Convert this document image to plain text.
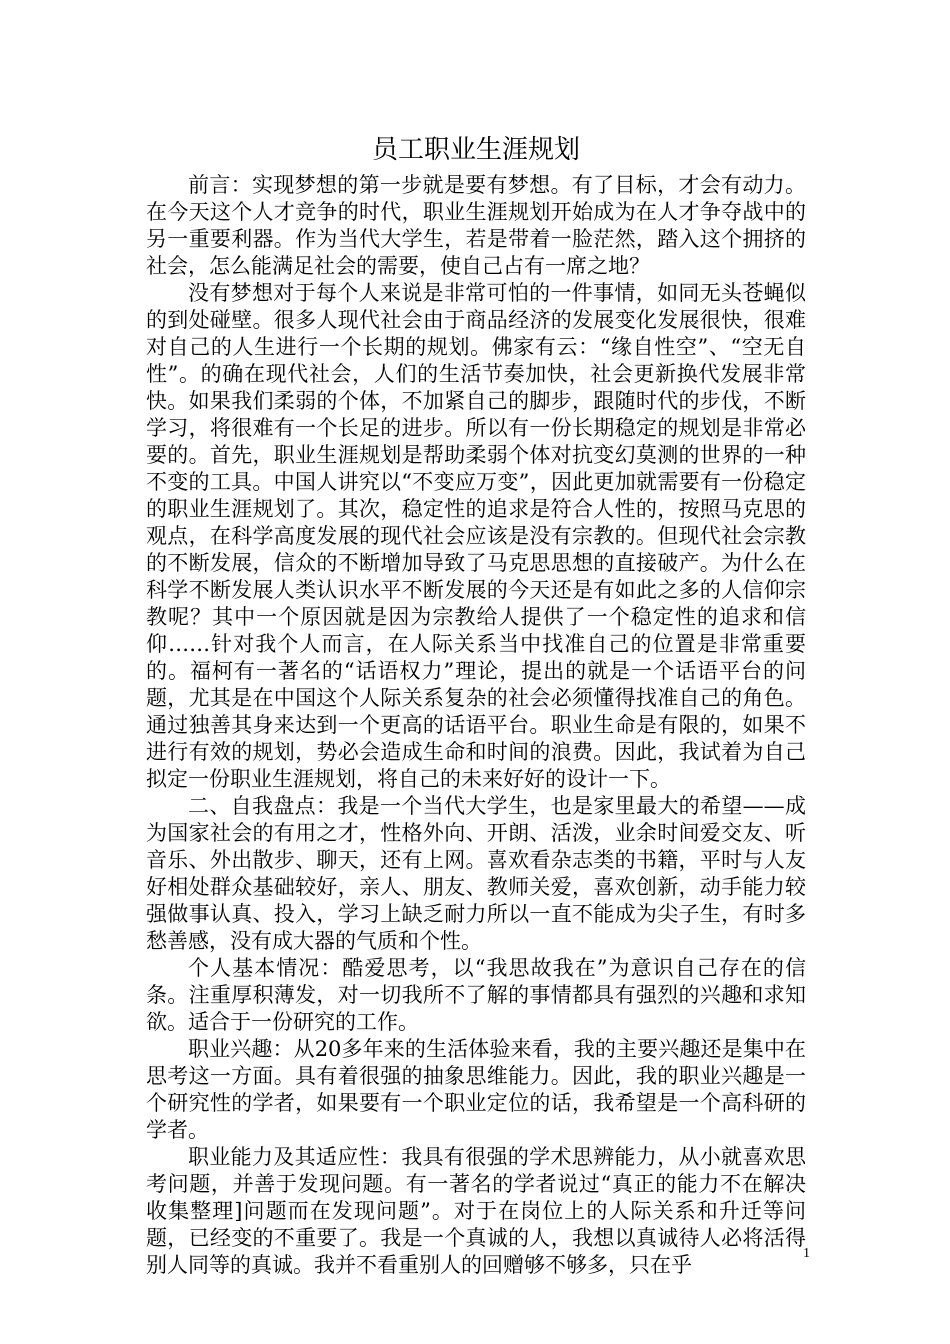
员工职业生涯规划

前言：实现梦想的第一步就是要有梦想。有了目标，才会有动力。在今天这个人才竞争的时代，职业生涯规划开始成为在人才争夺战中的另一重要利器。作为当代大学生，若是带着一脸茫然，踏入这个拥挤的社会，怎么能满足社会的需要，使自己占有一席之地？

没有梦想对于每个人来说是非常可怕的一件事情，如同无头苍蝇似的到处碰壁。很多人现代社会由于商品经济的发展变化发展很快，很难对自己的人生进行一个长期的规划。佛家有云：“缘自性空”、“空无自性”。的确在现代社会，人们的生活节奏加快，社会更新换代发展非常快。如果我们柔弱的个体，不加紧自己的脚步，跟随时代的步伐，不断学习，将很难有一个长足的进步。所以有一份长期稳定的规划是非常必要的。首先，职业生涯规划是帮助柔弱个体对抗变幻莫测的世界的一种不变的工具。中国人讲究以“不变应万变”，因此更加就需要有一份稳定的职业生涯规划了。其次，稳定性的追求是符合人性的，按照马克思的观点，在科学高度发展的现代社会应该是没有宗教的。但现代社会宗教的不断发展，信众的不断增加导致了马克思思想的直接破产。为什么在科学不断发展人类认识水平不断发展的今天还是有如此之多的人信仰宗教呢？其中一个原因就是因为宗教给人提供了一个稳定性的追求和信仰……针对我个人而言，在人际关系当中找准自己的位置是非常重要的。福柯有一著名的“话语权力”理论，提出的就是一个话语平台的问题，尤其是在中国这个人际关系复杂的社会必须懂得找准自己的角色。通过独善其身来达到一个更高的话语平台。职业生命是有限的，如果不进行有效的规划，势必会造成生命和时间的浪费。因此，我试着为自己拟定一份职业生涯规划，将自己的未来好好的设计一下。

二、自我盘点：我是一个当代大学生，也是家里最大的希望——成为国家社会的有用之才，性格外向、开朗、活泼，业余时间爱交友、听音乐、外出散步、聊天，还有上网。喜欢看杂志类的书籍，平时与人友好相处群众基础较好，亲人、朋友、教师关爱，喜欢创新，动手能力较强做事认真、投入，学习上缺乏耐力所以一直不能成为尖子生，有时多愁善感，没有成大器的气质和个性。

个人基本情况：酷爱思考，以“我思故我在”为意识自己存在的信条。注重厚积薄发，对一切我所不了解的事情都具有强烈的兴趣和求知欲。适合于一份研究的工作。

职业兴趣：从20多年来的生活体验来看，我的主要兴趣还是集中在思考这一方面。具有着很强的抽象思维能力。因此，我的职业兴趣是一个研究性的学者，如果要有一个职业定位的话，我希望是一个高科研的学者。

职业能力及其适应性：我具有很强的学术思辨能力，从小就喜欢思考问题，并善于发现问题。有一著名的学者说过“真正的能力不在解决收集整理]问题而在发现问题”。对于在岗位上的人际关系和升迁等问题，已经变的不重要了。我是一个真诚的人，我想以真诚待人必将活得别人同等的真诚。我并不看重别人的回赠够不够多，只在乎	1
